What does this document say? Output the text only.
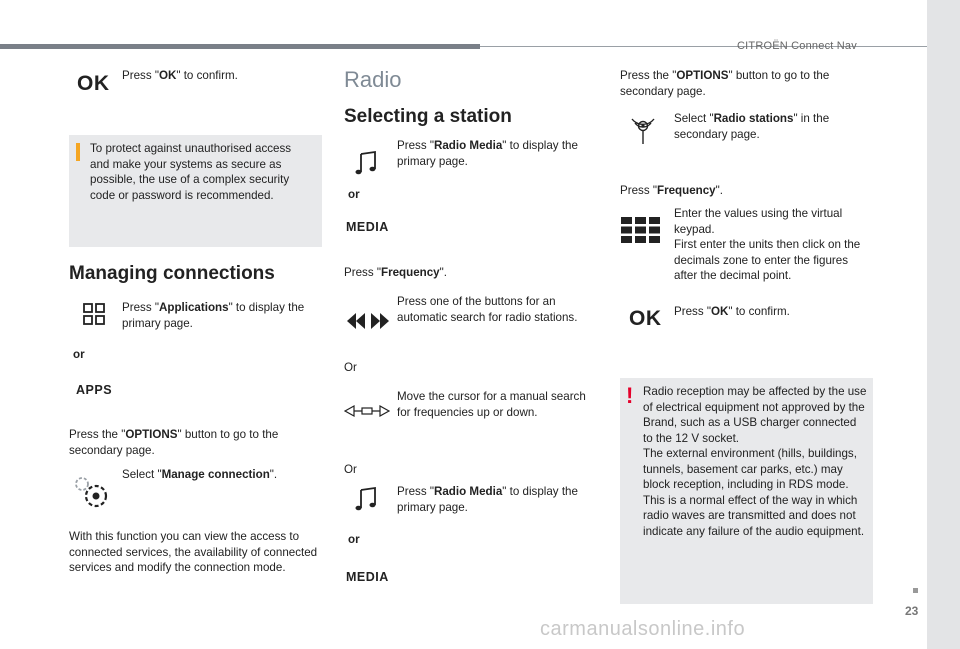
CITROËN Connect Nav
23
carmanualsonline.info
OK Press "OK" to confirm.
To protect against unauthorised access and make your systems as secure as possible, the use of a complex security code or password is recommended.
Managing connections
Press "Applications" to display the primary page.
or
APPS
Press the "OPTIONS" button to go to the secondary page.
Select "Manage connection".
With this function you can view the access to connected services, the availability of connected services and modify the connection mode.
Radio
Selecting a station
Press "Radio Media" to display the primary page.
or
MEDIA
Press "Frequency".
Press one of the buttons for an automatic search for radio stations.
Or
Move the cursor for a manual search for frequencies up or down.
Or
Press "Radio Media" to display the primary page.
or
MEDIA
Press the "OPTIONS" button to go to the secondary page.
Select "Radio stations" in the secondary page.
Press "Frequency".
Enter the values using the virtual keypad.
First enter the units then click on the decimals zone to enter the figures after the decimal point.
OK Press "OK" to confirm.
! Radio reception may be affected by the use of electrical equipment not approved by the Brand, such as a USB charger connected to the 12 V socket.
The external environment (hills, buildings, tunnels, basement car parks, etc.) may block reception, including in RDS mode. This is a normal effect of the way in which radio waves are transmitted and does not indicate any failure of the audio equipment.
